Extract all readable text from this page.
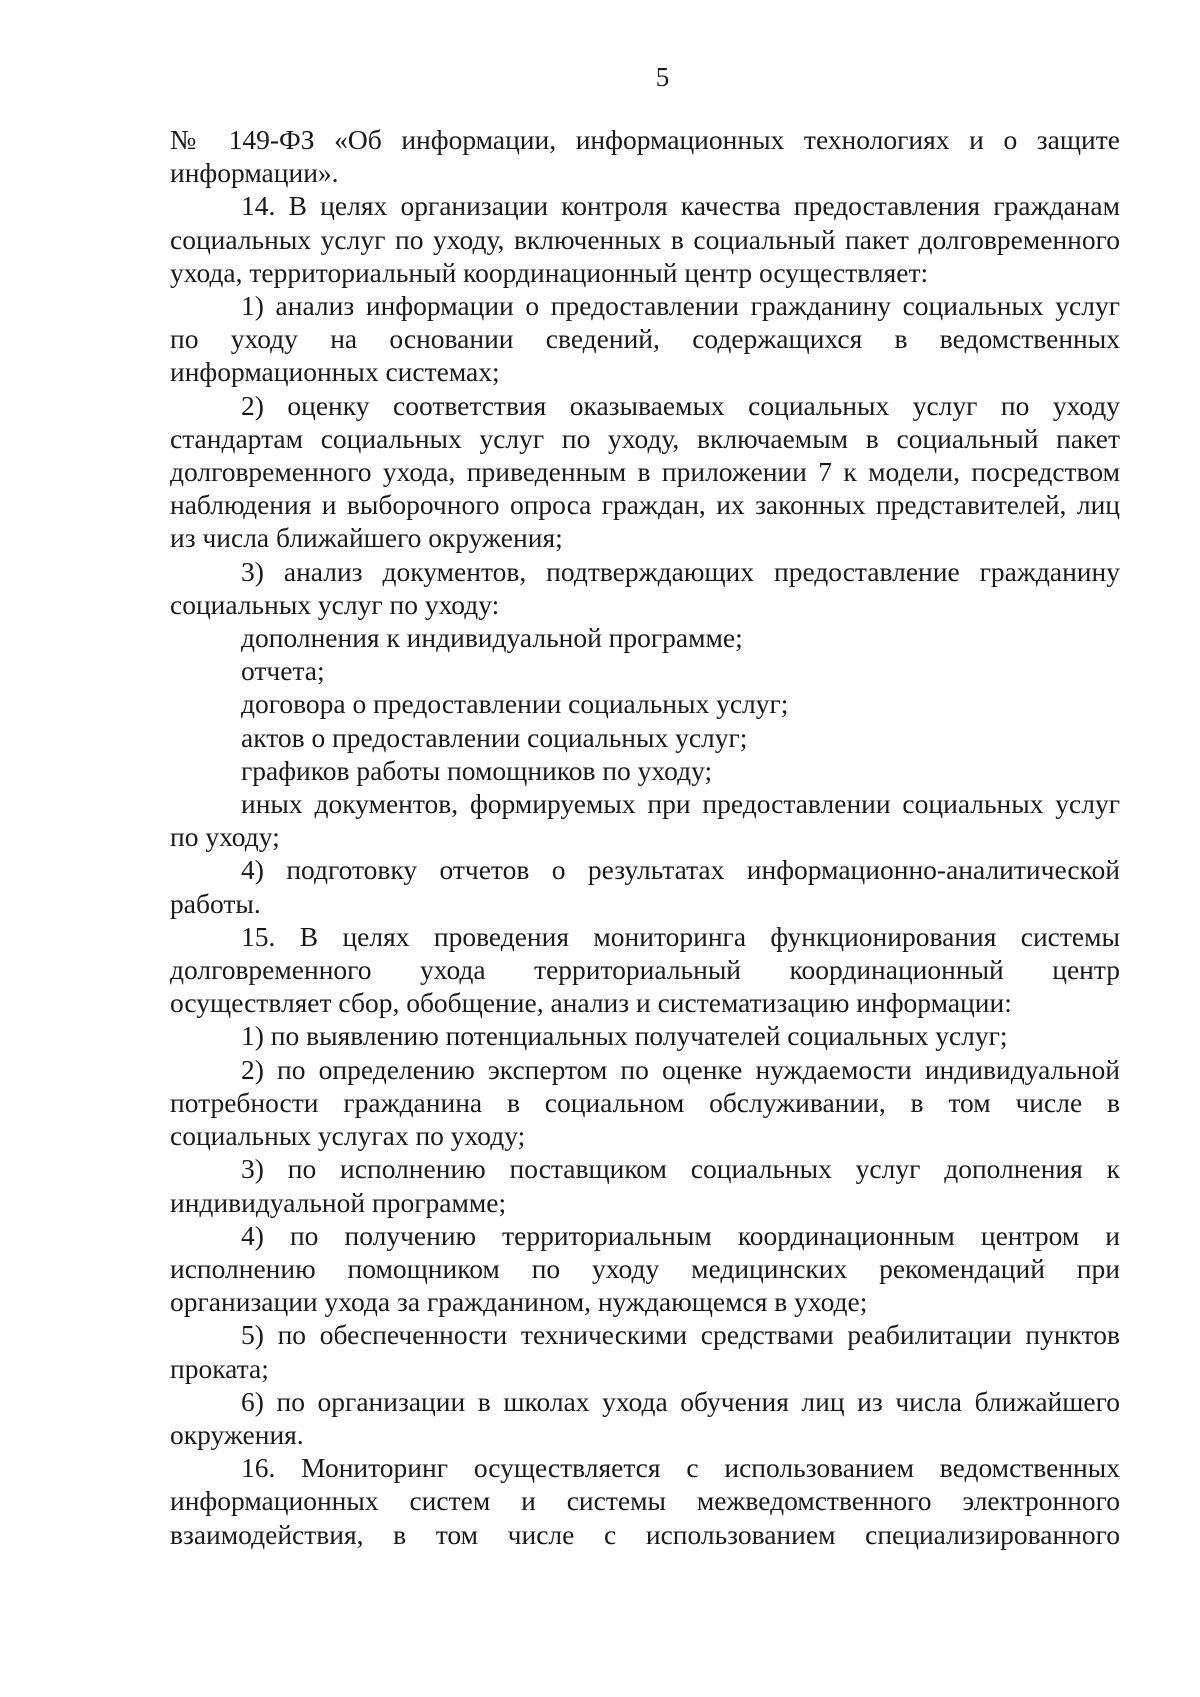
5

№ 149-ФЗ «Об информации, информационных технологиях и о защите информации».

14. В целях организации контроля качества предоставления гражданам социальных услуг по уходу, включенных в социальный пакет долговременного ухода, территориальный координационный центр осуществляет:

1) анализ информации о предоставлении гражданину социальных услуг по уходу на основании сведений, содержащихся в ведомственных информационных системах;

2) оценку соответствия оказываемых социальных услуг по уходу стандартам социальных услуг по уходу, включаемым в социальный пакет долговременного ухода, приведенным в приложении 7 к модели, посредством наблюдения и выборочного опроса граждан, их законных представителей, лиц из числа ближайшего окружения;

3) анализ документов, подтверждающих предоставление гражданину социальных услуг по уходу:

дополнения к индивидуальной программе;

отчета;

договора о предоставлении социальных услуг;

актов о предоставлении социальных услуг;

графиков работы помощников по уходу;

иных документов, формируемых при предоставлении социальных услуг по уходу;

4) подготовку отчетов о результатах информационно-аналитической работы.

15. В целях проведения мониторинга функционирования системы долговременного ухода территориальный координационный центр осуществляет сбор, обобщение, анализ и систематизацию информации:

1) по выявлению потенциальных получателей социальных услуг;

2) по определению экспертом по оценке нуждаемости индивидуальной потребности гражданина в социальном обслуживании, в том числе в социальных услугах по уходу;

3) по исполнению поставщиком социальных услуг дополнения к индивидуальной программе;

4) по получению территориальным координационным центром и исполнению помощником по уходу медицинских рекомендаций при организации ухода за гражданином, нуждающемся в уходе;

5) по обеспеченности техническими средствами реабилитации пунктов проката;

6) по организации в школах ухода обучения лиц из числа ближайшего окружения.

16. Мониторинг осуществляется с использованием ведомственных информационных систем и системы межведомственного электронного взаимодействия, в том числе с использованием специализированного
